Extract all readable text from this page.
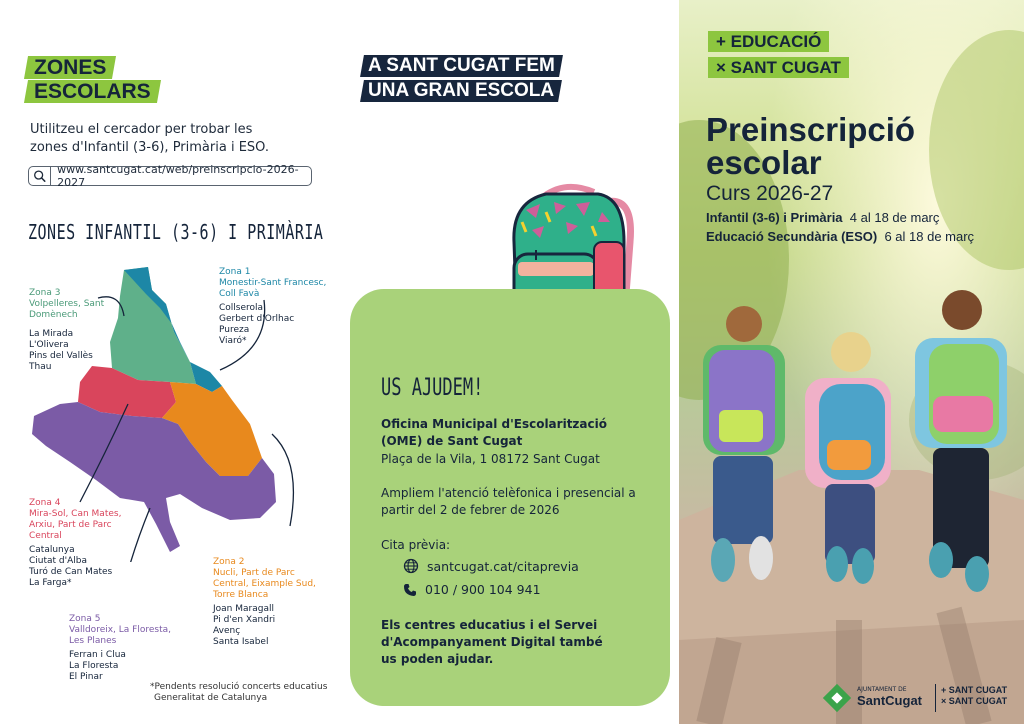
ZONES
ESCOLARS
Utilitzeu el cercador per trobar les zones d'Infantil (3-6), Primària i ESO.
www.santcugat.cat/web/preinscripcio-2026-2027
ZONES INFANTIL (3-6) I PRIMÀRIA
Zona 1
Monestir-Sant Francesc, Coll Favà
Collserola
Gerbert d'Orlhac
Pureza
Viaró*
Zona 3
Volpelleres, Sant Domènech
La Mirada
L'Olivera
Pins del Vallès
Thau
Zona 4
Mira-Sol, Can Mates, Arxiu, Part de Parc Central
Catalunya
Ciutat d'Alba
Turó de Can Mates
La Farga*
Zona 2
Nucli, Part de Parc Central, Eixample Sud, Torre Blanca
Joan Maragall
Pi d'en Xandri
Avenç
Santa Isabel
Zona 5
Valldoreix, La Floresta, Les Planes
Ferran i Clua
La Floresta
El Pinar
*Pendents resolució concerts educatius
Generalitat de Catalunya
A SANT CUGAT FEM
UNA GRAN ESCOLA
US AJUDEM!
Oficina Municipal d'Escolarització (OME) de Sant Cugat
Plaça de la Vila, 1 08172 Sant Cugat
Ampliem l'atenció telèfonica i presencial a partir del 2 de febrer de 2026
Cita prèvia:
santcugat.cat/citaprevia
010 / 900 104 941
Els centres educatius i el Servei d'Acompanyament Digital també us poden ajudar.
+ EDUCACIÓ
× SANT CUGAT
Preinscripció
escolar
Curs 2026-27
Infantil (3-6) i Primària 4 al 18 de març
Educació Secundària (ESO) 6 al 18 de març
AJUNTAMENT DE
SantCugat
+ SANT CUGAT
× SANT CUGAT
